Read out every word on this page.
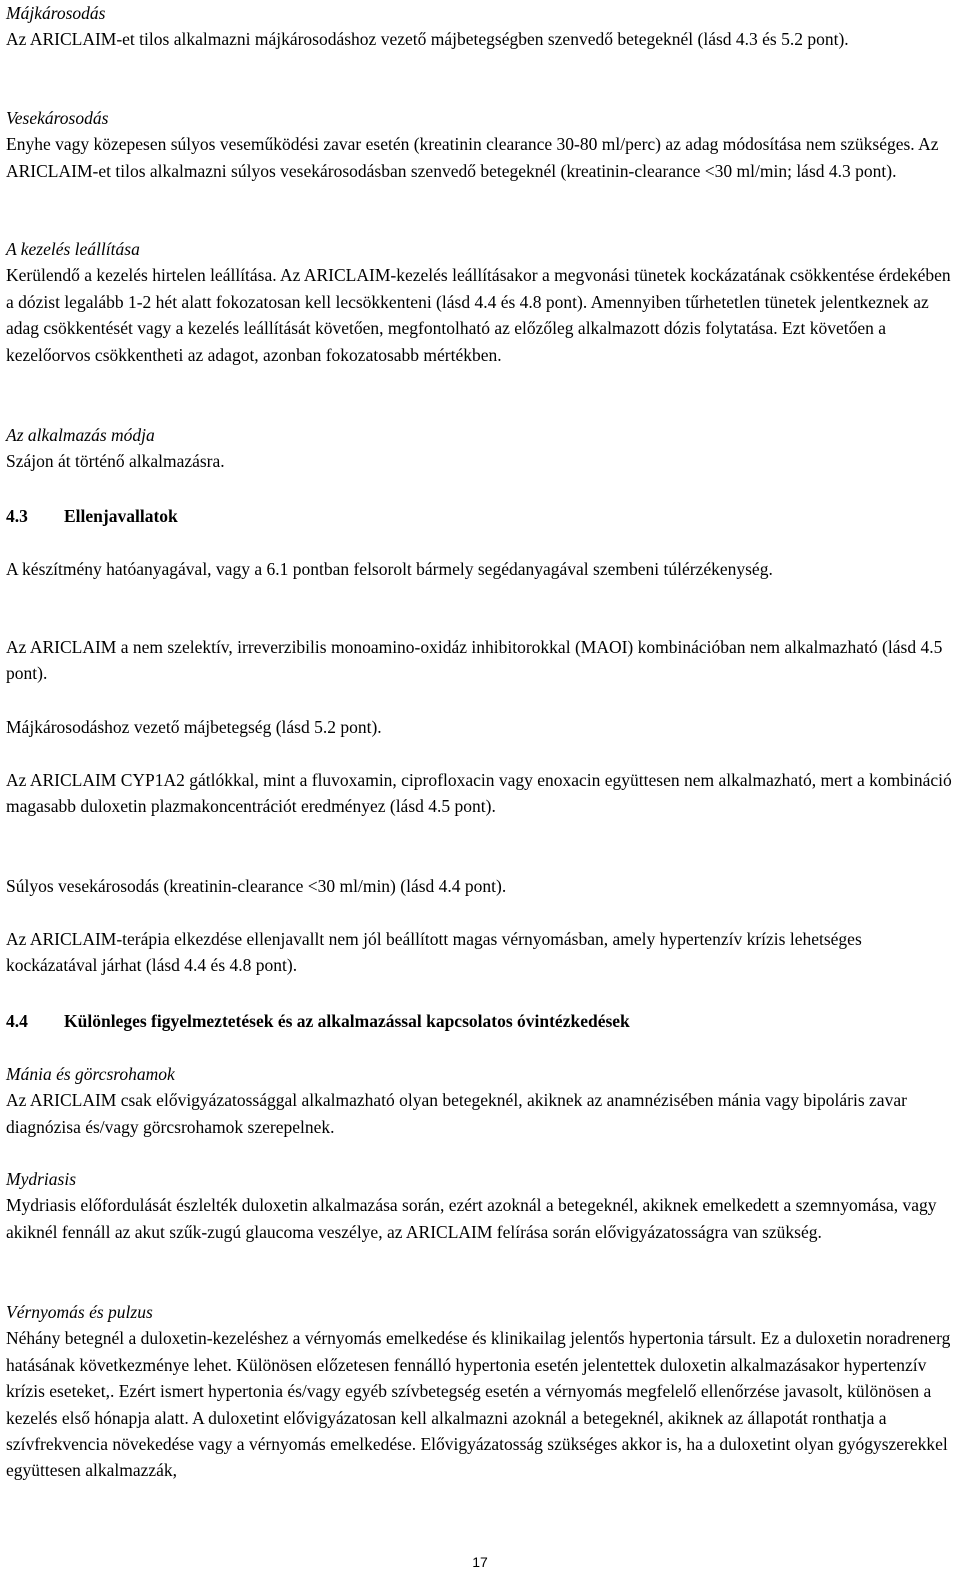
Májkárosodás

Az ARICLAIM-et tilos alkalmazni májkárosodáshoz vezető májbetegségben szenvedő betegeknél (lásd 4.3 és 5.2 pont).

Vesekárosodás

Enyhe vagy közepesen súlyos veseműködési zavar esetén (kreatinin clearance 30-80 ml/perc) az adag módosítása nem szükséges. Az ARICLAIM-et tilos alkalmazni súlyos vesekárosodásban szenvedő betegeknél (kreatinin-clearance <30 ml/min; lásd 4.3 pont).

A kezelés leállítása

Kerülendő a kezelés hirtelen leállítása. Az ARICLAIM-kezelés leállításakor a megvonási tünetek kockázatának csökkentése érdekében a dózist legalább 1-2 hét alatt fokozatosan kell lecsökkenteni (lásd 4.4 és 4.8 pont). Amennyiben tűrhetetlen tünetek jelentkeznek az adag csökkentését vagy a kezelés leállítását követően, megfontolható az előzőleg alkalmazott dózis folytatása. Ezt követően a kezelőorvos csökkentheti az adagot, azonban fokozatosabb mértékben.

Az alkalmazás módja

Szájon át történő alkalmazásra.

4.3 Ellenjavallatok

A készítmény hatóanyagával, vagy a 6.1 pontban felsorolt bármely segédanyagával szembeni túlérzékenység.

Az ARICLAIM a nem szelektív, irreverzibilis monoamino-oxidáz inhibitorokkal (MAOI) kombinációban nem alkalmazható (lásd 4.5 pont).

Májkárosodáshoz vezető májbetegség (lásd 5.2 pont).

Az ARICLAIM CYP1A2 gátlókkal, mint a fluvoxamin, ciprofloxacin vagy enoxacin együttesen nem alkalmazható, mert a kombináció magasabb duloxetin plazmakoncentrációt eredményez (lásd 4.5 pont).

Súlyos vesekárosodás (kreatinin-clearance <30 ml/min) (lásd 4.4 pont).

Az ARICLAIM-terápia elkezdése ellenjavallt nem jól beállított magas vérnyomásban, amely hypertenzív krízis lehetséges kockázatával járhat (lásd 4.4 és 4.8 pont).

4.4 Különleges figyelmeztetések és az alkalmazással kapcsolatos óvintézkedések
Mánia és görcsrohamok

Az ARICLAIM csak elővigyázatossággal alkalmazható olyan betegeknél, akiknek az anamnézisében mánia vagy bipoláris zavar diagnózisa és/vagy görcsrohamok szerepelnek.

Mydriasis

Mydriasis előfordulását észlelték duloxetin alkalmazása során, ezért azoknál a betegeknél, akiknek emelkedett a szemnyomása, vagy akiknél fennáll az akut szűk-zugú glaucoma veszélye, az ARICLAIM felírása során elővigyázatosságra van szükség.

Vérnyomás és pulzus

Néhány betegnél a duloxetin-kezeléshez a vérnyomás emelkedése és klinikailag jelentős hypertonia társult. Ez a duloxetin noradrenerg hatásának következménye lehet. Különösen előzetesen fennálló hypertonia esetén jelentettek duloxetin alkalmazásakor hypertenzív krízis eseteket,. Ezért ismert hypertonia és/vagy egyéb szívbetegség esetén a vérnyomás megfelelő ellenőrzése javasolt, különösen a kezelés első hónapja alatt. A duloxetint elővigyázatosan kell alkalmazni azoknál a betegeknél, akiknek az állapotát ronthatja a szívfrekvencia növekedése vagy a vérnyomás emelkedése. Elővigyázatosság szükséges akkor is, ha a duloxetint olyan gyógyszerekkel együttesen alkalmazzák,

17
